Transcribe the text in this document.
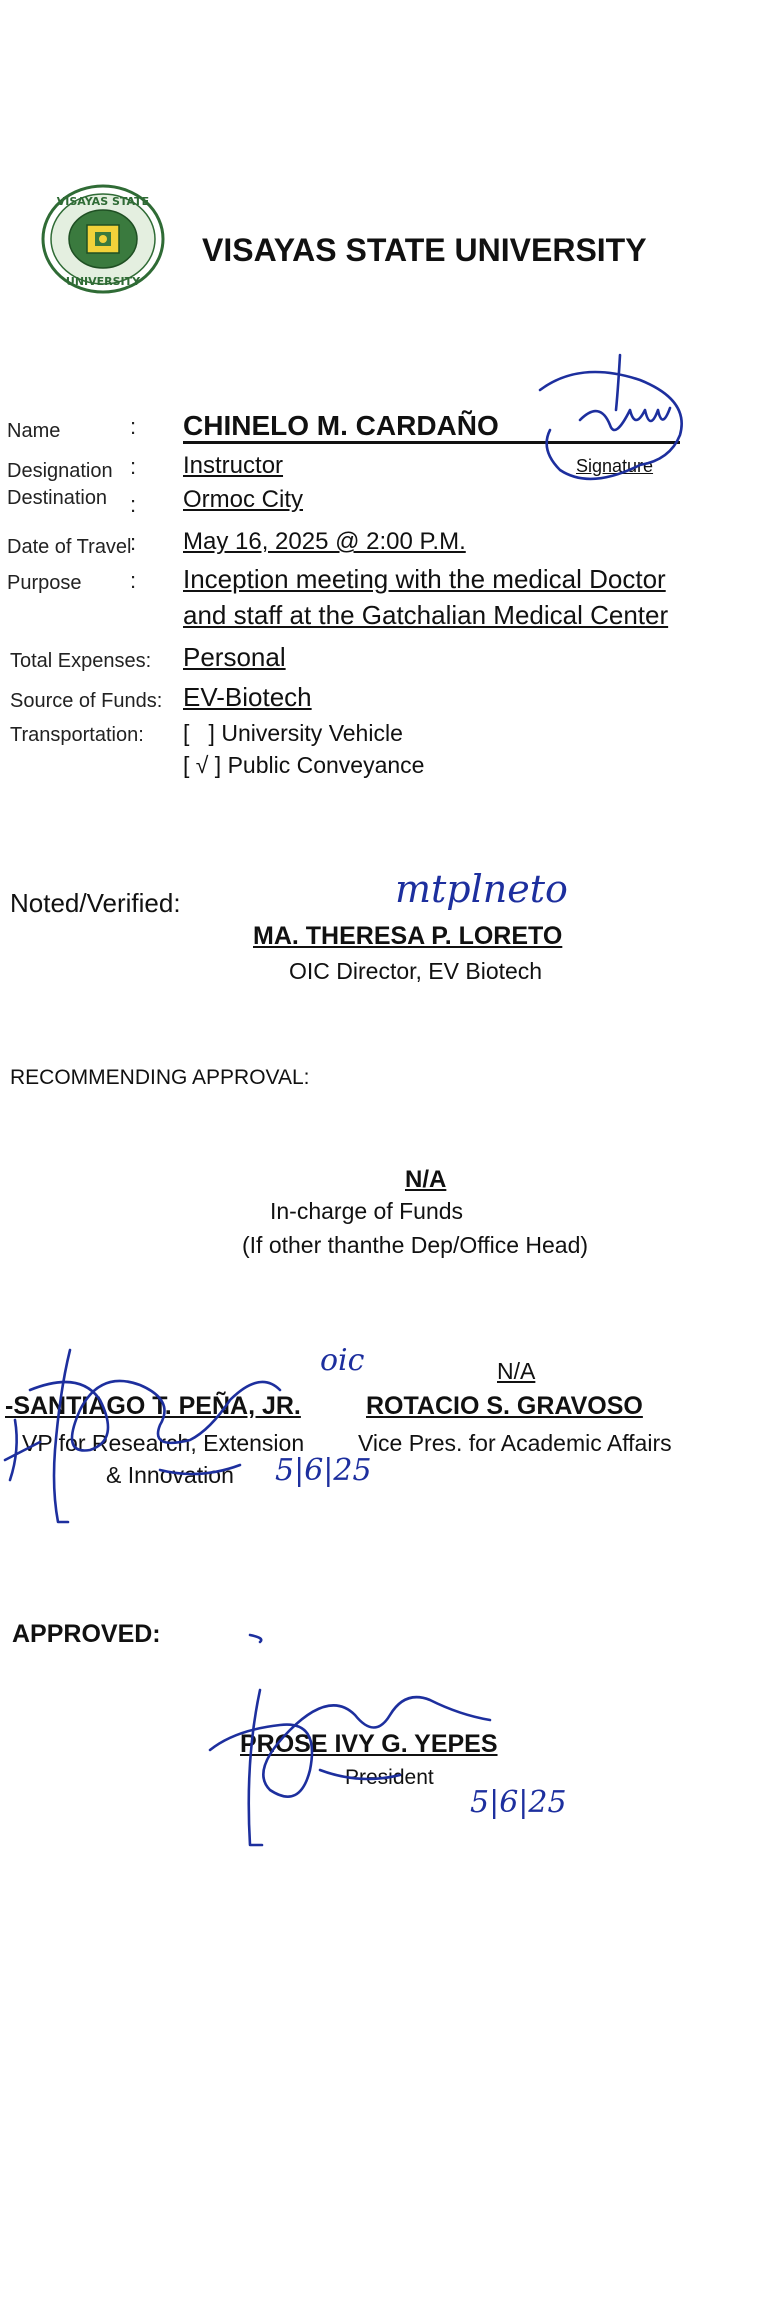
VISAYAS STATE
UNIVERSITY
VISAYAS STATE UNIVERSITY
Name	: CHINELO M. CARDAÑO
Signature
Designation : Instructor
Destination : Ormoc City
Date of Travel
: May 16, 2025 @ 2:00 P.M.
Purpose : Inception meeting with the medical Doctor
and staff at the Gatchalian Medical Center
Total Expenses: Personal
Source of Funds: EV-Biotech
Transportation: [   ] University Vehicle
[ √ ] Public Conveyance
Noted/Verified:	mtplneto
MA. THERESA P. LORETO
OIC Director, EV Biotech
RECOMMENDING APPROVAL:
N/A
In-charge of Funds
(If other thanthe Dep/Office Head)
N/A
-SANTIAGO T. PEÑA, JR.	ROTACIO S. GRAVOSO
VP for Research, Extension Vice Pres. for Academic Affairs
& Innovation
oic
5|6|25
APPROVED:
PROSE IVY G. YEPES
President
5|6|25
